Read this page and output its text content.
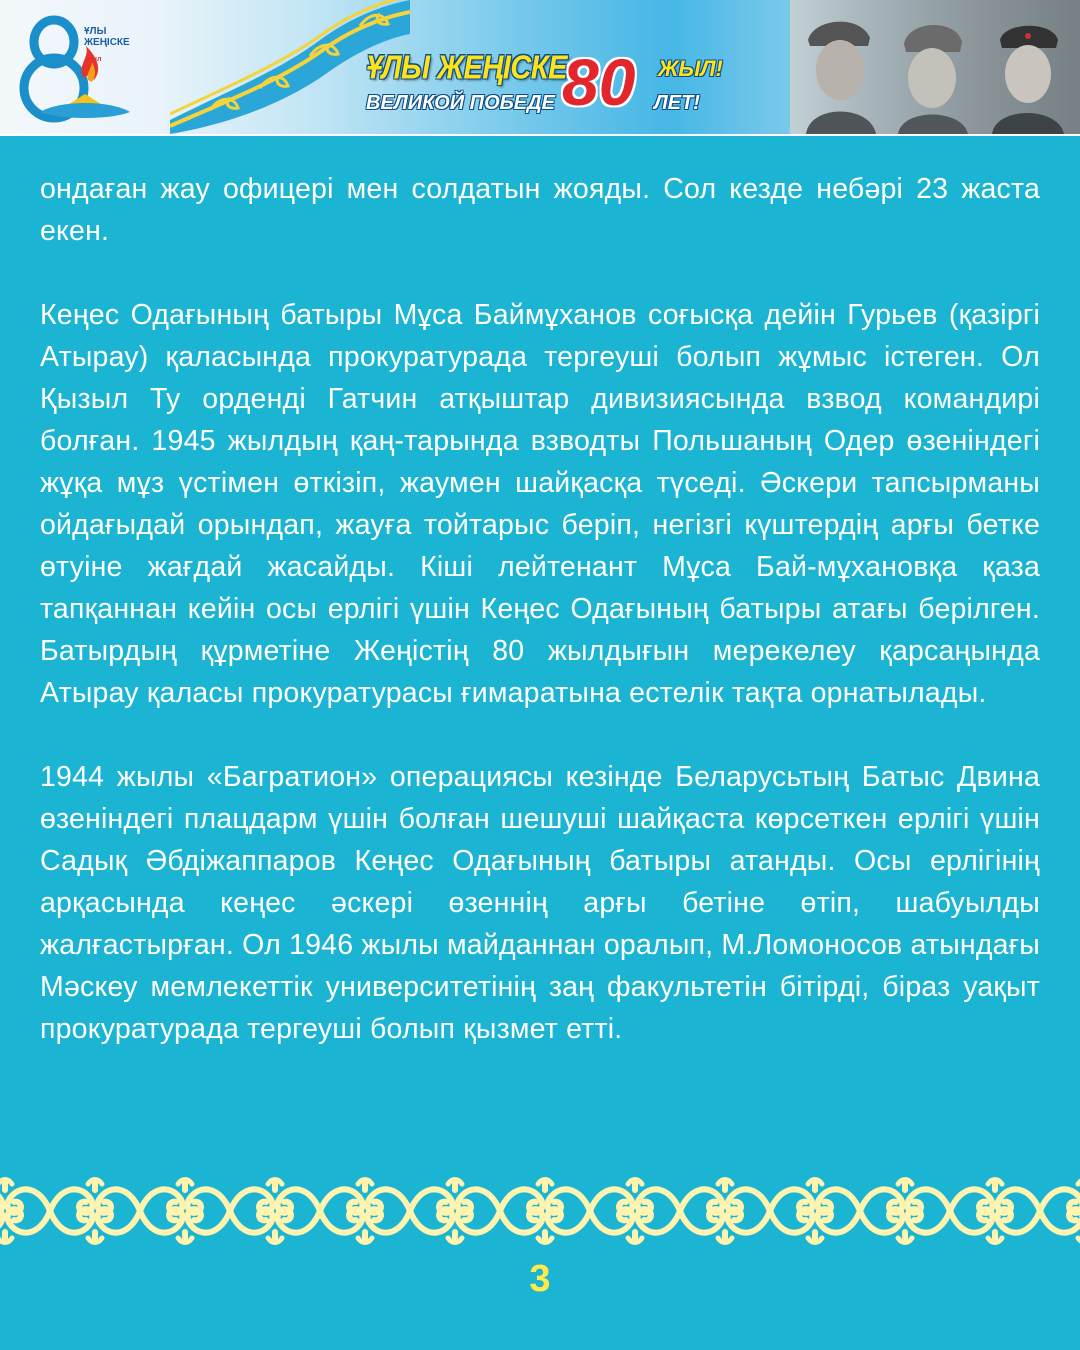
ҰЛЫ
ЖЕҢІСКЕ
жыл	ҰЛЫ ЖЕҢІСКЕ
ВЕЛИКОЙ ПОБЕДЕ 80 ЖЫЛ!
ЛЕТ!

ондаған жау офицері мен солдатын жояды. Сол кезде небәрі 23 жаста екен.

Кеңес Одағының батыры Мұса Баймұханов соғысқа дейін Гурьев (қазіргі Атырау) қаласында прокуратурада тергеуші болып жұмыс істеген. Ол Қызыл Ту орденді Гатчин атқыштар дивизиясында взвод командирі болған. 1945 жылдың қаң-тарында взводты Польшаның Одер өзеніндегі жұқа мұз үстімен өткізіп, жаумен шайқасқа түседі. Әскери тапсырманы ойдағыдай орындап, жауға тойтарыс беріп, негізгі күштердің арғы бетке өтуіне жағдай жасайды. Кіші лейтенант Мұса Бай-мұхановқа қаза тапқаннан кейін осы ерлігі үшін Кеңес Одағының батыры атағы берілген. Батырдың құрметіне Жеңістің 80 жылдығын мерекелеу қарсаңында Атырау қаласы прокуратурасы ғимаратына естелік тақта орнатылады.

1944 жылы «Багратион» операциясы кезінде Беларусьтың Батыс Двина өзеніндегі плацдарм үшін болған шешуші шайқаста көрсеткен ерлігі үшін Садық Әбдіжаппаров Кеңес Одағының батыры атанды. Осы ерлігінің арқасында кеңес әскері өзеннің арғы бетіне өтіп, шабуылды жалғастырған. Ол 1946 жылы майданнан оралып, М.Ломоносов атындағы Мәскеу мемлекеттік университетінің заң факультетін бітірді, біраз уақыт прокуратурада тергеуші болып қызмет етті.

3
